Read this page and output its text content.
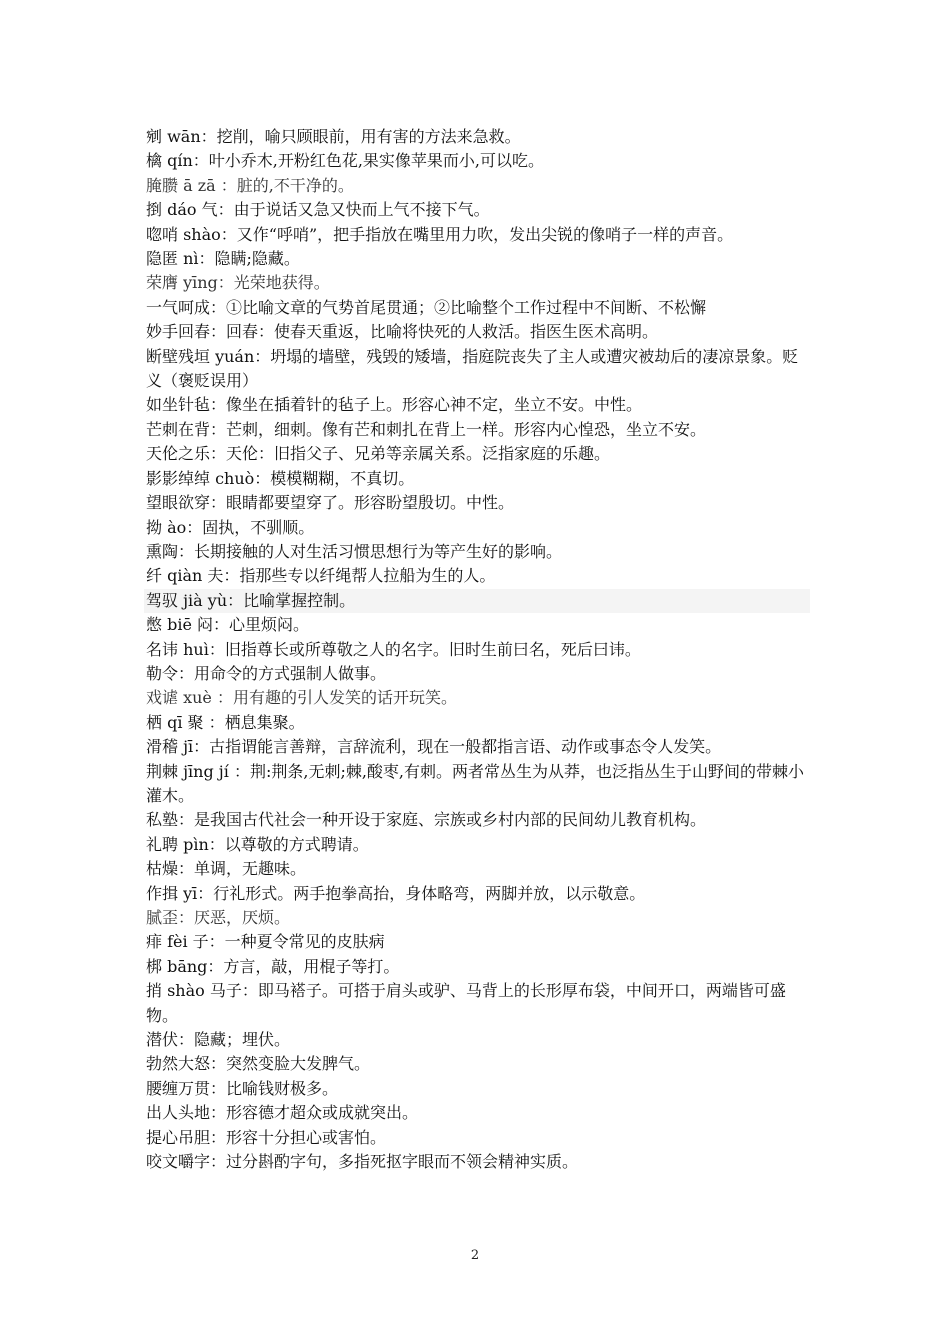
剜 wān：挖削，喻只顾眼前，用有害的方法来急救。

檎 qín：叶小乔木,开粉红色花,果实像苹果而小,可以吃。

腌臜 ā zā ：脏的,不干净的。

捯 dáo 气：由于说话又急又快而上气不接下气。

唿哨 shào：又作“呼哨”，把手指放在嘴里用力吹，发出尖锐的像哨子一样的声音。

隐匿 nì：隐瞒;隐藏。

荣膺 yīng：光荣地获得。

一气呵成：①比喻文章的气势首尾贯通；②比喻整个工作过程中不间断、不松懈

妙手回春：回春：使春天重返，比喻将快死的人救活。指医生医术高明。

断壁残垣 yuán：坍塌的墙壁，残毁的矮墙，指庭院丧失了主人或遭灾被劫后的凄凉景象。贬义（褒贬误用）

如坐针毡：像坐在插着针的毡子上。形容心神不定，坐立不安。中性。

芒刺在背：芒刺，细刺。像有芒和刺扎在背上一样。形容内心惶恐，坐立不安。

天伦之乐：天伦：旧指父子、兄弟等亲属关系。泛指家庭的乐趣。

影影绰绰 chuò：模模糊糊，不真切。

望眼欲穿：眼睛都要望穿了。形容盼望殷切。中性。

拗 ào：固执，不驯顺。

熏陶：长期接触的人对生活习惯思想行为等产生好的影响。

纤 qiàn 夫：指那些专以纤绳帮人拉船为生的人。

驾驭 jià yù：比喻掌握控制。

憋 biē 闷：心里烦闷。

名讳 huì：旧指尊长或所尊敬之人的名字。旧时生前曰名，死后曰讳。

勒令：用命令的方式强制人做事。

戏谑 xuè ：用有趣的引人发笑的话开玩笑。

栖 qī 聚 ：栖息集聚。

滑稽 jī：古指谓能言善辩，言辞流利，现在一般都指言语、动作或事态令人发笑。

荆棘 jīng jí ：荆:荆条,无刺;棘,酸枣,有刺。两者常丛生为从莽，也泛指丛生于山野间的带棘小灌木。

私塾：是我国古代社会一种开设于家庭、宗族或乡村内部的民间幼儿教育机构。

礼聘 pìn：以尊敬的方式聘请。

枯燥：单调，无趣味。

作揖 yī：行礼形式。两手抱拳高抬，身体略弯，两脚并放，以示敬意。

腻歪：厌恶，厌烦。

痱 fèi 子：一种夏令常见的皮肤病

梆 bāng：方言，敲，用棍子等打。

捎 shào 马子：即马褡子。可搭于肩头或驴、马背上的长形厚布袋，中间开口，两端皆可盛物。

潜伏：隐藏；埋伏。

勃然大怒：突然变脸大发脾气。

腰缠万贯：比喻钱财极多。

出人头地：形容德才超众或成就突出。

提心吊胆：形容十分担心或害怕。

咬文嚼字：过分斟酌字句，多指死抠字眼而不领会精神实质。

2
